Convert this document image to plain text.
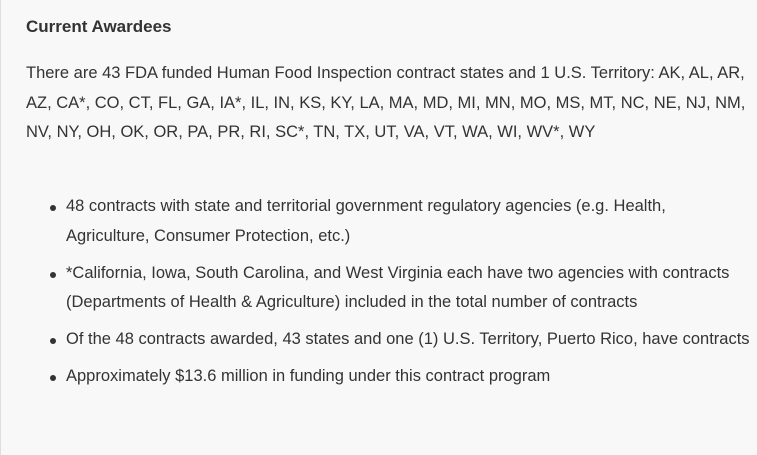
Current Awardees

There are 43 FDA funded Human Food Inspection contract states and 1 U.S. Territory: AK, AL, AR, AZ, CA*, CO, CT, FL, GA, IA*, IL, IN, KS, KY, LA, MA, MD, MI, MN, MO, MS, MT, NC, NE, NJ, NM, NV, NY, OH, OK, OR, PA, PR, RI, SC*, TN, TX, UT, VA, VT, WA, WI, WV*, WY

48 contracts with state and territorial government regulatory agencies (e.g. Health, Agriculture, Consumer Protection, etc.)
*California, Iowa, South Carolina, and West Virginia each have two agencies with contracts (Departments of Health & Agriculture) included in the total number of contracts
Of the 48 contracts awarded, 43 states and one (1) U.S. Territory, Puerto Rico, have contracts
Approximately $13.6 million in funding under this contract program
